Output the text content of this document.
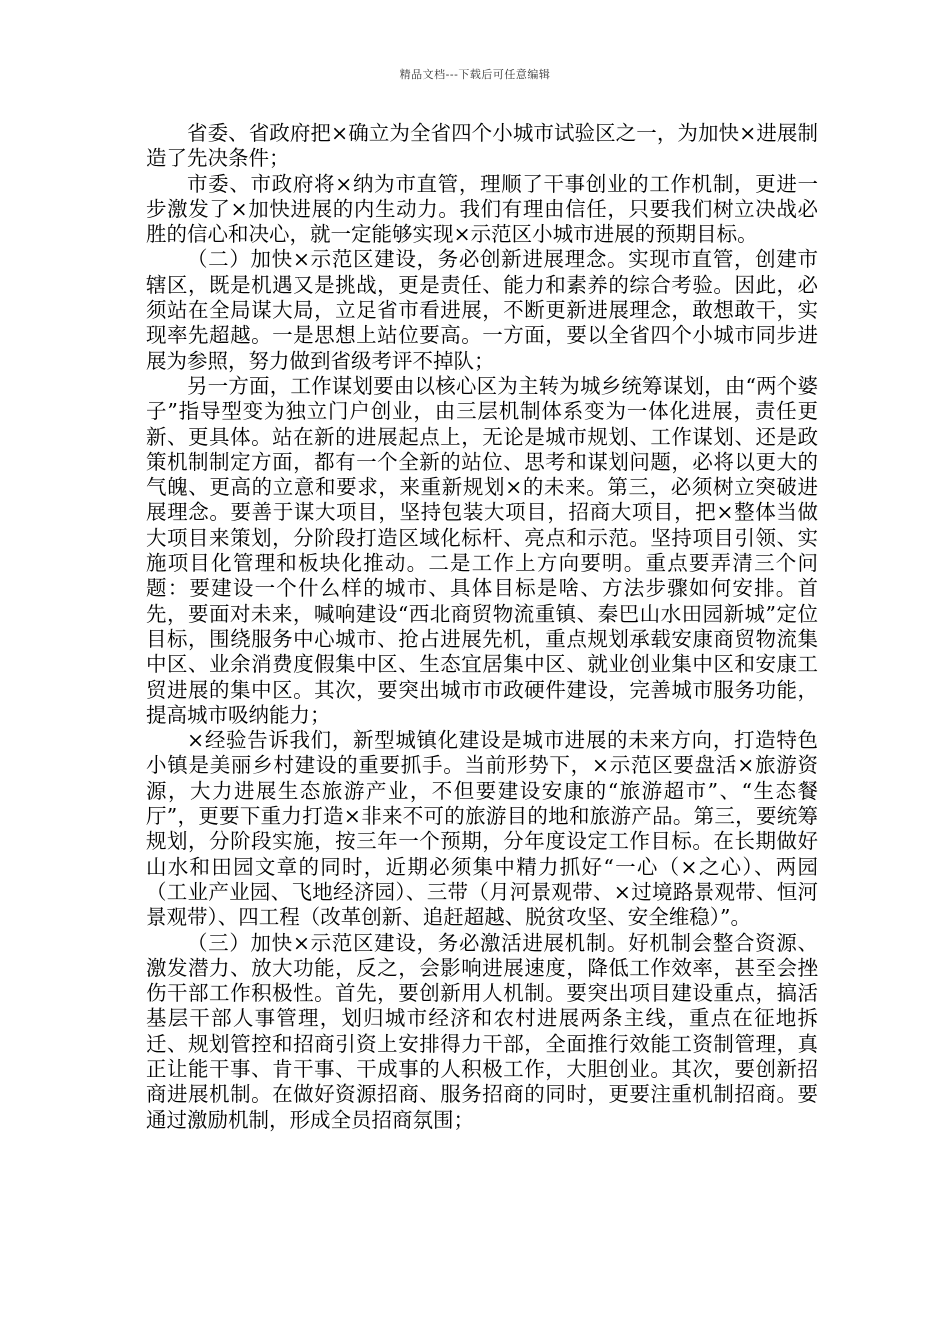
精品文档---下载后可任意编辑

省委、省政府把×确立为全省四个小城市试验区之一，为加快×进展制造了先决条件；

市委、市政府将×纳为市直管，理顺了干事创业的工作机制，更进一步激发了×加快进展的内生动力。我们有理由信任，只要我们树立决战必胜的信心和决心，就一定能够实现×示范区小城市进展的预期目标。

（二）加快×示范区建设，务必创新进展理念。实现市直管，创建市辖区，既是机遇又是挑战，更是责任、能力和素养的综合考验。因此，必须站在全局谋大局，立足省市看进展，不断更新进展理念，敢想敢干，实现率先超越。一是思想上站位要高。一方面，要以全省四个小城市同步进展为参照，努力做到省级考评不掉队；

另一方面，工作谋划要由以核心区为主转为城乡统筹谋划，由“两个婆子”指导型变为独立门户创业，由三层机制体系变为一体化进展，责任更新、更具体。站在新的进展起点上，无论是城市规划、工作谋划、还是政策机制制定方面，都有一个全新的站位、思考和谋划问题，必将以更大的气魄、更高的立意和要求，来重新规划×的未来。第三，必须树立突破进展理念。要善于谋大项目，坚持包装大项目，招商大项目，把×整体当做大项目来策划，分阶段打造区域化标杆、亮点和示范。坚持项目引领、实施项目化管理和板块化推动。二是工作上方向要明。重点要弄清三个问题：要建设一个什么样的城市、具体目标是啥、方法步骤如何安排。首先，要面对未来，喊响建设“西北商贸物流重镇、秦巴山水田园新城”定位目标，围绕服务中心城市、抢占进展先机，重点规划承载安康商贸物流集中区、业余消费度假集中区、生态宜居集中区、就业创业集中区和安康工贸进展的集中区。其次，要突出城市市政硬件建设，完善城市服务功能，提高城市吸纳能力；

×经验告诉我们，新型城镇化建设是城市进展的未来方向，打造特色小镇是美丽乡村建设的重要抓手。当前形势下，×示范区要盘活×旅游资源，大力进展生态旅游产业，不但要建设安康的“旅游超市”、“生态餐厅”，更要下重力打造×非来不可的旅游目的地和旅游产品。第三，要统筹规划，分阶段实施，按三年一个预期，分年度设定工作目标。在长期做好山水和田园文章的同时，近期必须集中精力抓好“一心（×之心）、两园（工业产业园、飞地经济园）、三带（月河景观带、×过境路景观带、恒河景观带）、四工程（改革创新、追赶超越、脱贫攻坚、安全维稳）”。

（三）加快×示范区建设，务必激活进展机制。好机制会整合资源、激发潜力、放大功能，反之，会影响进展速度，降低工作效率，甚至会挫伤干部工作积极性。首先，要创新用人机制。要突出项目建设重点，搞活基层干部人事管理，划归城市经济和农村进展两条主线，重点在征地拆迁、规划管控和招商引资上安排得力干部，全面推行效能工资制管理，真正让能干事、肯干事、干成事的人积极工作，大胆创业。其次，要创新招商进展机制。在做好资源招商、服务招商的同时，更要注重机制招商。要通过激励机制，形成全员招商氛围；
